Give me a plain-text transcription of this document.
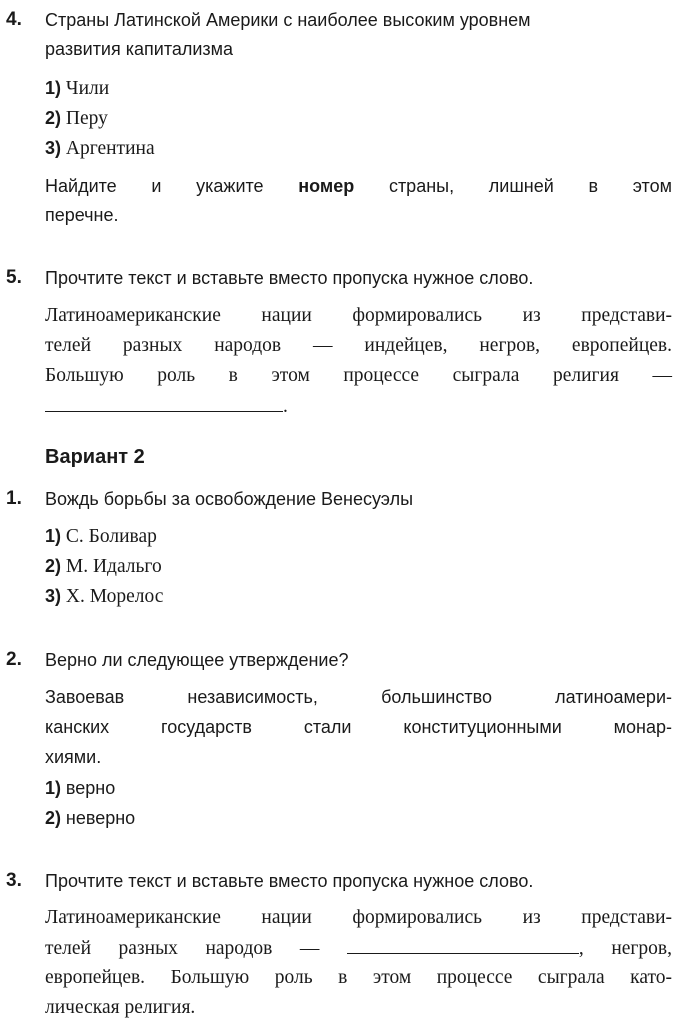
4. Страны Латинской Америки с наиболее высоким уровнем
развития капитализма
1) Чили
2) Перу
3) Аргентина
Найдите и укажите номер страны, лишней в этом
перечне.
5. Прочтите текст и вставьте вместо пропуска нужное слово.
Латиноамериканские нации формировались из представи-
телей разных народов — индейцев, негров, европейцев.
Большую роль в этом процессе сыграла религия —
.
Вариант 2
1. Вождь борьбы за освобождение Венесуэлы
1) С. Боливар
2) М. Идальго
3) Х. Морелос
2. Верно ли следующее утверждение?
Завоевав независимость, большинство латиноамери-
канских государств стали конституционными монар-
хиями.
1) верно
2) неверно
3. Прочтите текст и вставьте вместо пропуска нужное слово.
Латиноамериканские нации формировались из представи-
телей разных народов —	, негров,
европейцев. Большую роль в этом процессе сыграла като-
лическая религия.
